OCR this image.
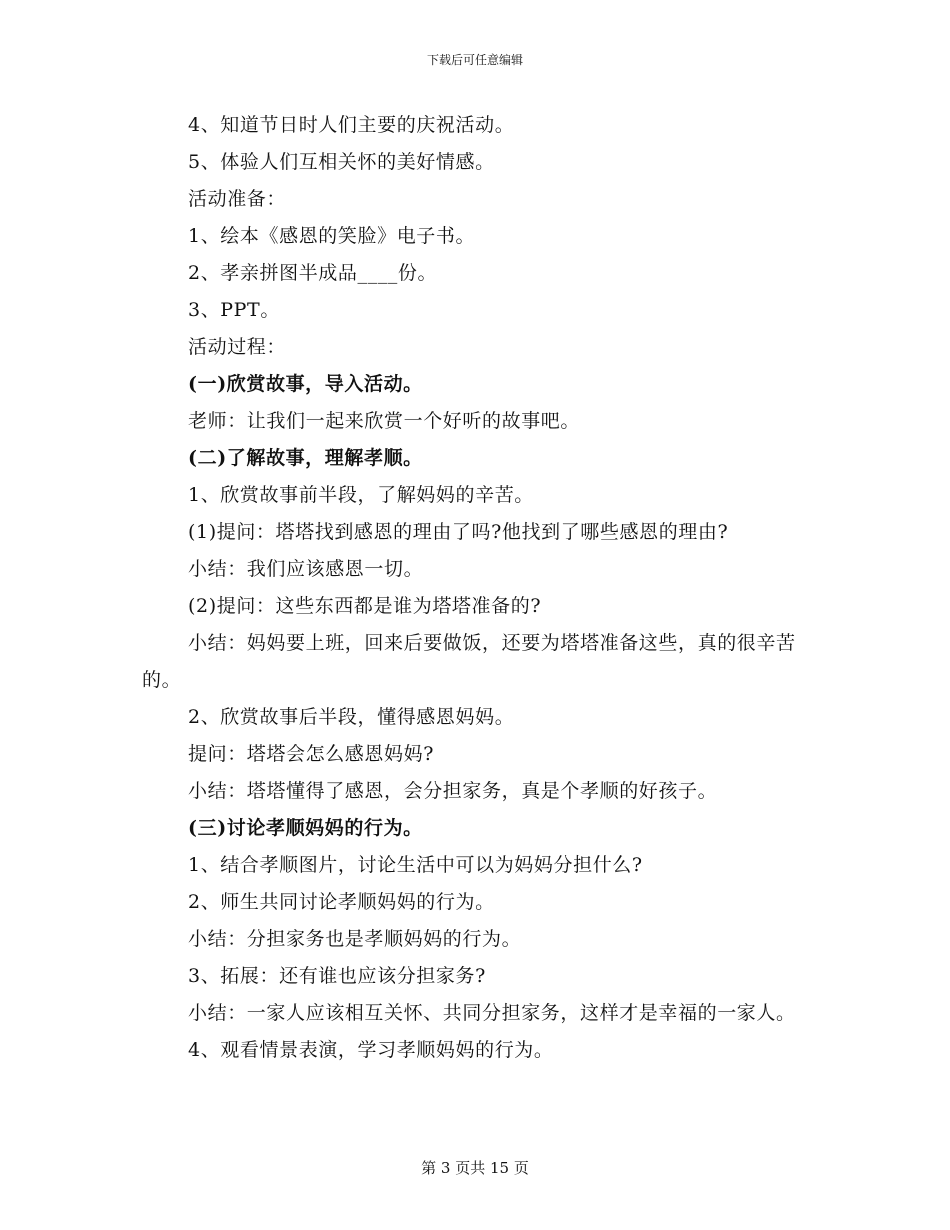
下载后可任意编辑

4、知道节日时人们主要的庆祝活动。

5、体验人们互相关怀的美好情感。

活动准备：

1、绘本《感恩的笑脸》电子书。

2、孝亲拼图半成品____份。

3、PPT。

活动过程：

(一)欣赏故事，导入活动。

老师：让我们一起来欣赏一个好听的故事吧。

(二)了解故事，理解孝顺。

1、欣赏故事前半段，了解妈妈的辛苦。

(1)提问：塔塔找到感恩的理由了吗?他找到了哪些感恩的理由?

小结：我们应该感恩一切。

(2)提问：这些东西都是谁为塔塔准备的?

小结：妈妈要上班，回来后要做饭，还要为塔塔准备这些，真的很辛苦的。

2、欣赏故事后半段，懂得感恩妈妈。

提问：塔塔会怎么感恩妈妈?

小结：塔塔懂得了感恩，会分担家务，真是个孝顺的好孩子。

(三)讨论孝顺妈妈的行为。

1、结合孝顺图片，讨论生活中可以为妈妈分担什么?

2、师生共同讨论孝顺妈妈的行为。

小结：分担家务也是孝顺妈妈的行为。

3、拓展：还有谁也应该分担家务?

小结：一家人应该相互关怀、共同分担家务，这样才是幸福的一家人。

4、观看情景表演，学习孝顺妈妈的行为。

第 3 页共 15 页
